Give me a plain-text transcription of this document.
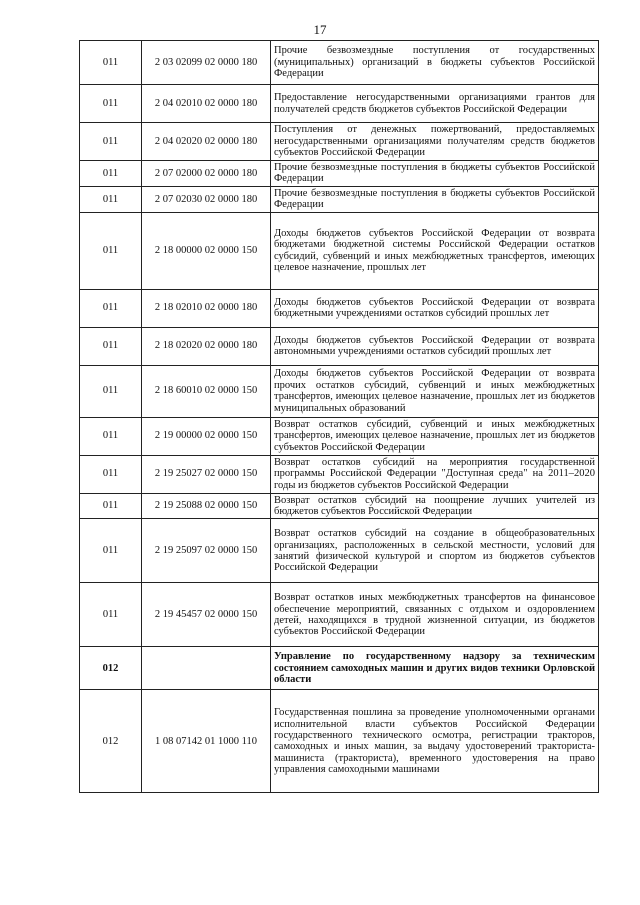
17
011	2 03 02099 02 0000 180	Прочие безвозмездные поступления от государственных (муниципальных) организаций в бюджеты субъектов Российской Федерации
011	2 04 02010 02 0000 180	Предоставление негосударственными организациями грантов для получателей средств бюджетов субъектов Российской Федерации
011	2 04 02020 02 0000 180	Поступления от денежных пожертвований, предоставляемых негосударственными организациями получателям средств бюджетов субъектов Российской Федерации
011	2 07 02000 02 0000 180	Прочие безвозмездные поступления в бюджеты субъектов Российской Федерации
011	2 07 02030 02 0000 180	Прочие безвозмездные поступления в бюджеты субъектов Российской Федерации
011	2 18 00000 02 0000 150	Доходы бюджетов субъектов Российской Федерации от возврата бюджетами бюджетной системы Российской Федерации остатков субсидий, субвенций и иных межбюджетных трансфертов, имеющих целевое назначение, прошлых лет
011	2 18 02010 02 0000 180	Доходы бюджетов субъектов Российской Федерации от возврата бюджетными учреждениями остатков субсидий прошлых лет
011	2 18 02020 02 0000 180	Доходы бюджетов субъектов Российской Федерации от возврата автономными учреждениями остатков субсидий прошлых лет
011	2 18 60010 02 0000 150	Доходы бюджетов субъектов Российской Федерации от возврата прочих остатков субсидий, субвенций и иных межбюджетных трансфертов, имеющих целевое назначение, прошлых лет из бюджетов муниципальных образований
011	2 19 00000 02 0000 150	Возврат остатков субсидий, субвенций и иных межбюджетных трансфертов, имеющих целевое назначение, прошлых лет из бюджетов субъектов Российской Федерации
011	2 19 25027 02 0000 150	Возврат остатков субсидий на мероприятия государственной программы Российской Федерации "Доступная среда" на 2011–2020 годы из бюджетов субъектов Российской Федерации
011	2 19 25088 02 0000 150	Возврат остатков субсидий на поощрение лучших учителей из бюджетов субъектов Российской Федерации
011	2 19 25097 02 0000 150	Возврат остатков субсидий на создание в общеобразовательных организациях, расположенных в сельской местности, условий для занятий физической культурой и спортом из бюджетов субъектов Российской Федерации
011	2 19 45457 02 0000 150	Возврат остатков иных межбюджетных трансфертов на финансовое обеспечение мероприятий, связанных с отдыхом и оздоровлением детей, находящихся в трудной жизненной ситуации, из бюджетов субъектов Российской Федерации
012		Управление по государственному надзору за техническим состоянием самоходных машин и других видов техники Орловской области
012	1 08 07142 01 1000 110	Государственная пошлина за проведение уполномоченными органами исполнительной власти субъектов Российской Федерации государственного технического осмотра, регистрации тракторов, самоходных и иных машин, за выдачу удостоверений тракториста-машиниста (тракториста), временного удостоверения на право управления самоходными машинами
